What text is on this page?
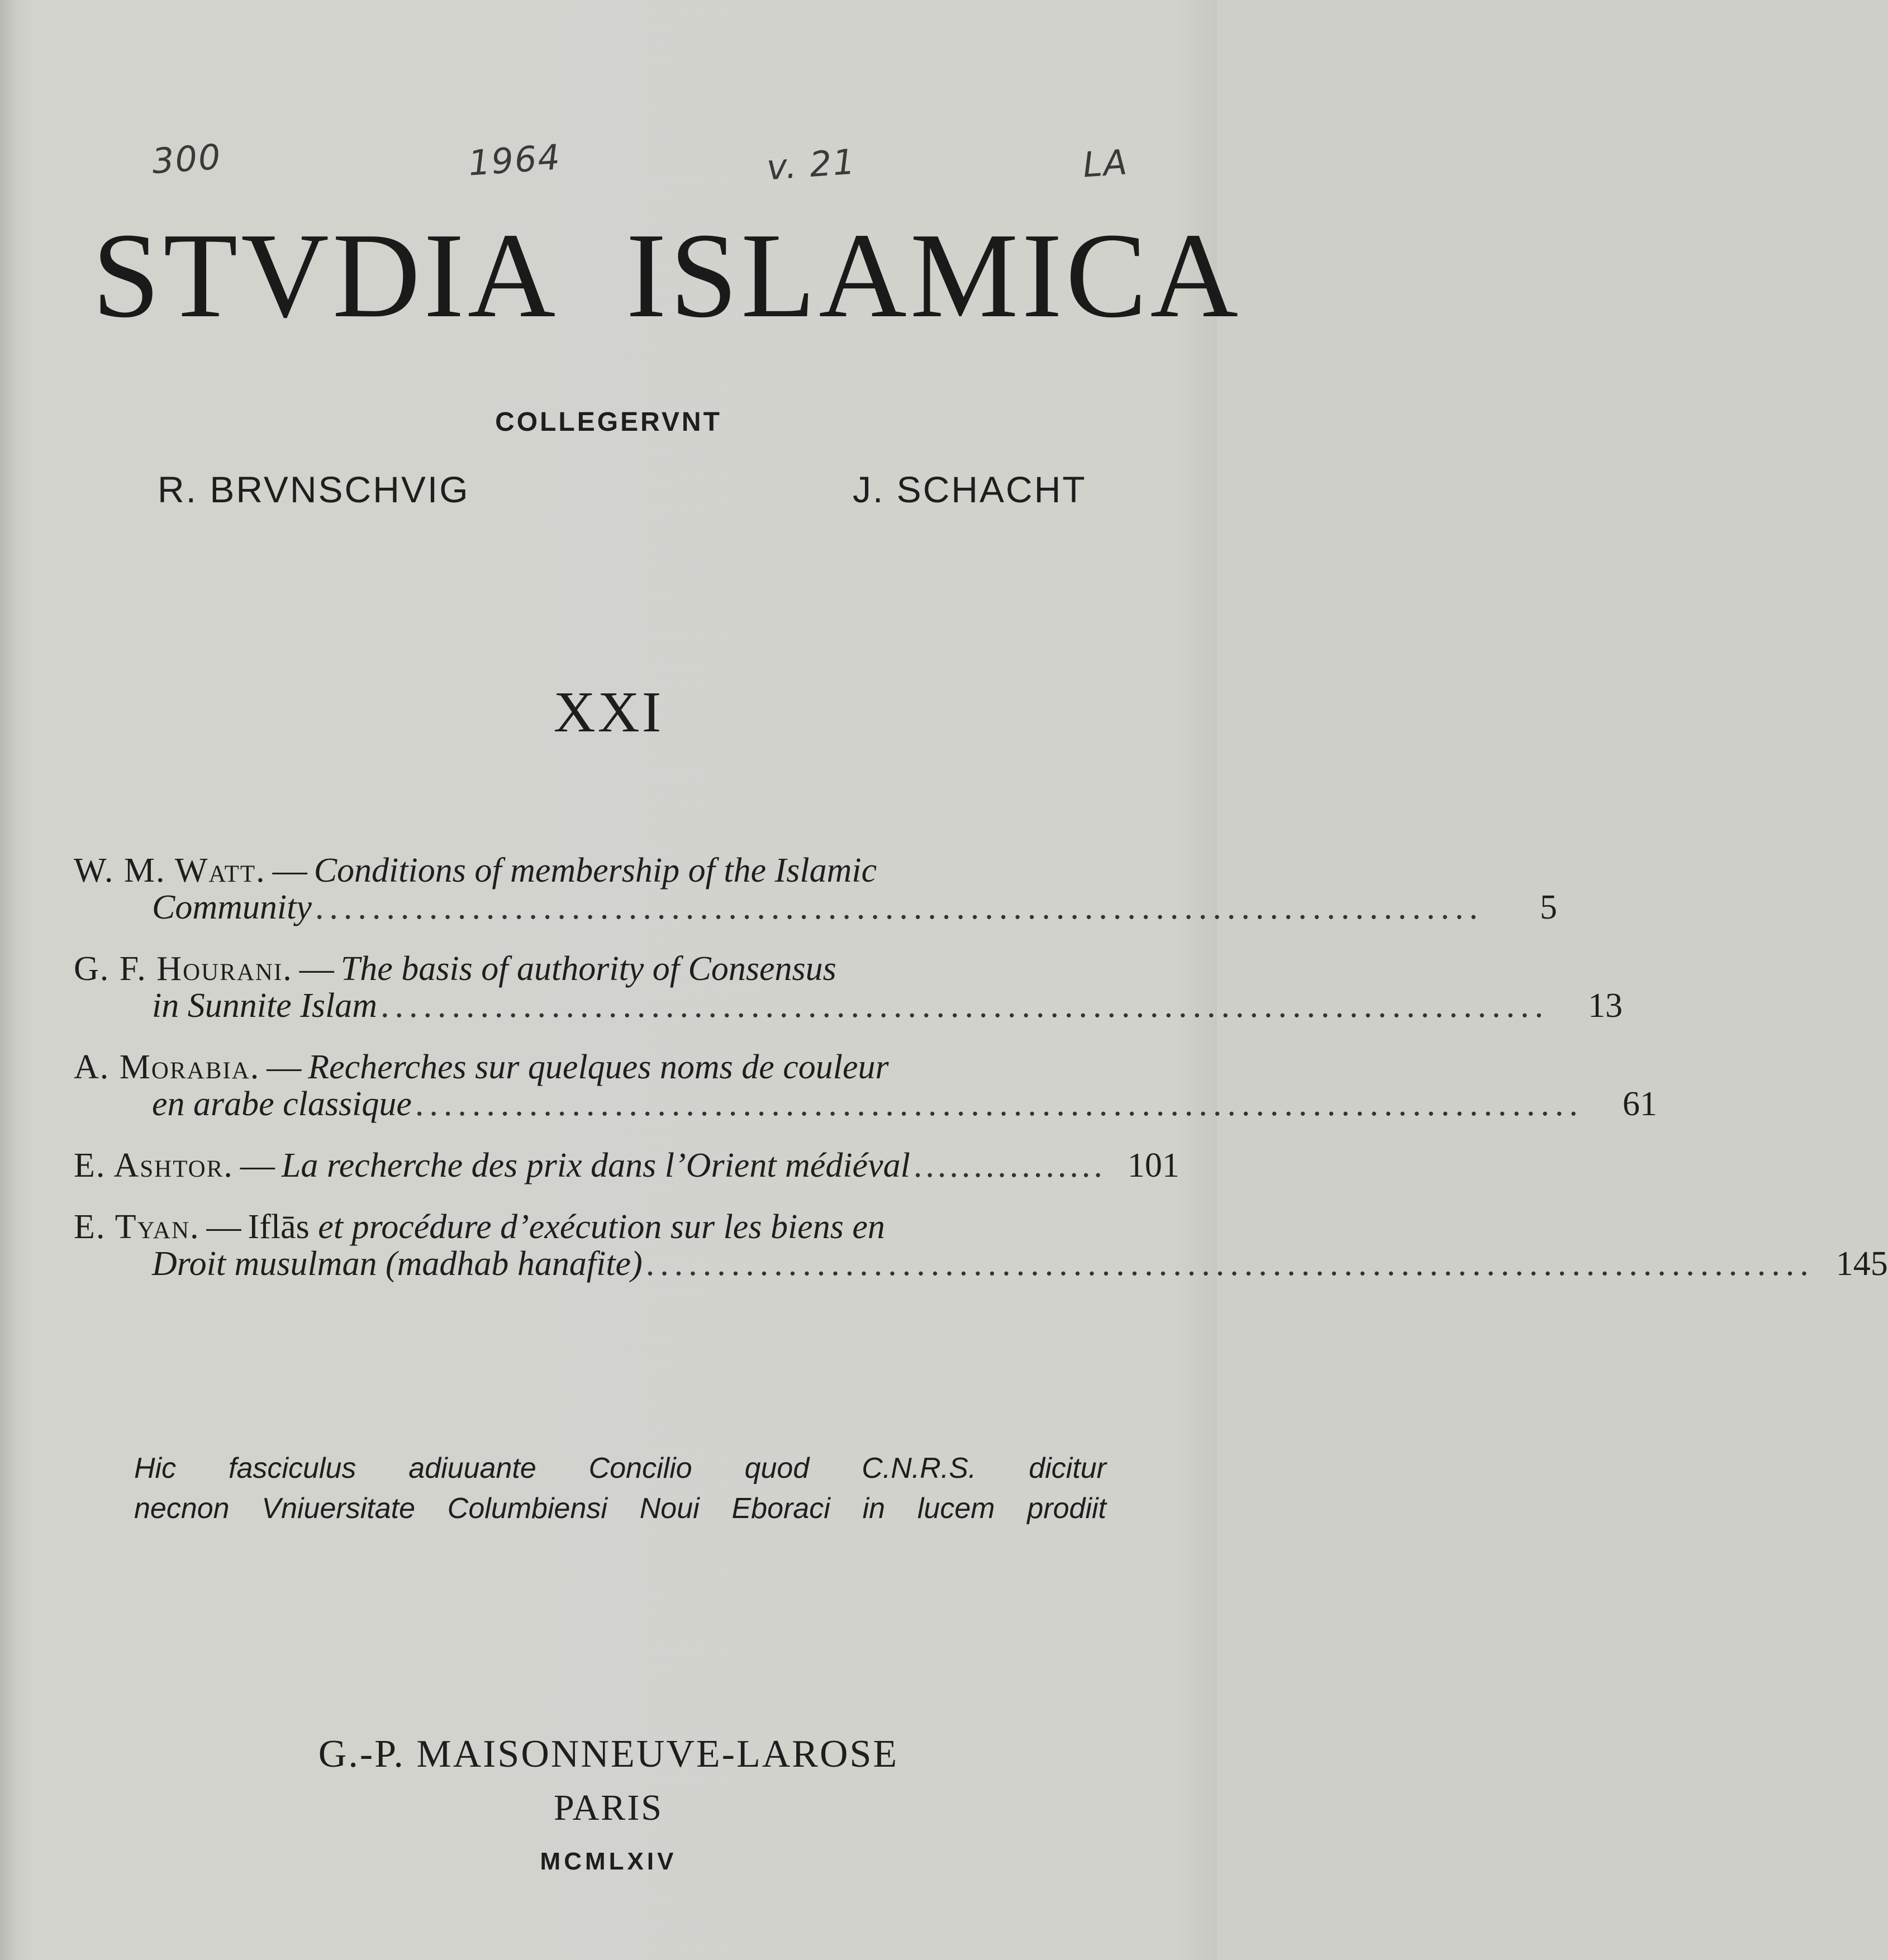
300	1964	v. 21	LA
STVDIA ISLAMICA
COLLEGERVNT
R. BRVNSCHVIG	J. SCHACHT
XXI
W. M. Watt. — Conditions of membership of the Islamic
Community ..................................................................................	5
G. F. Hourani. — The basis of authority of Consensus
in Sunnite Islam ..................................................................................	13
A. Morabia. — Recherches sur quelques noms de couleur
en arabe classique ..................................................................................	61
E. Ashtor. — La recherche des prix dans l’Orient médiéval ................ 101
E. Tyan. — Iflās et procédure d’exécution sur les biens en
Droit musulman (madhab hanafite) .................................................................................. 145
Hic fasciculus adiuuante Concilio quod C.N.R.S. dicitur
necnon Vniuersitate Columbiensi Noui Eboraci in lucem prodiit
G.-P. MAISONNEUVE-LAROSE
PARIS
MCMLXIV
